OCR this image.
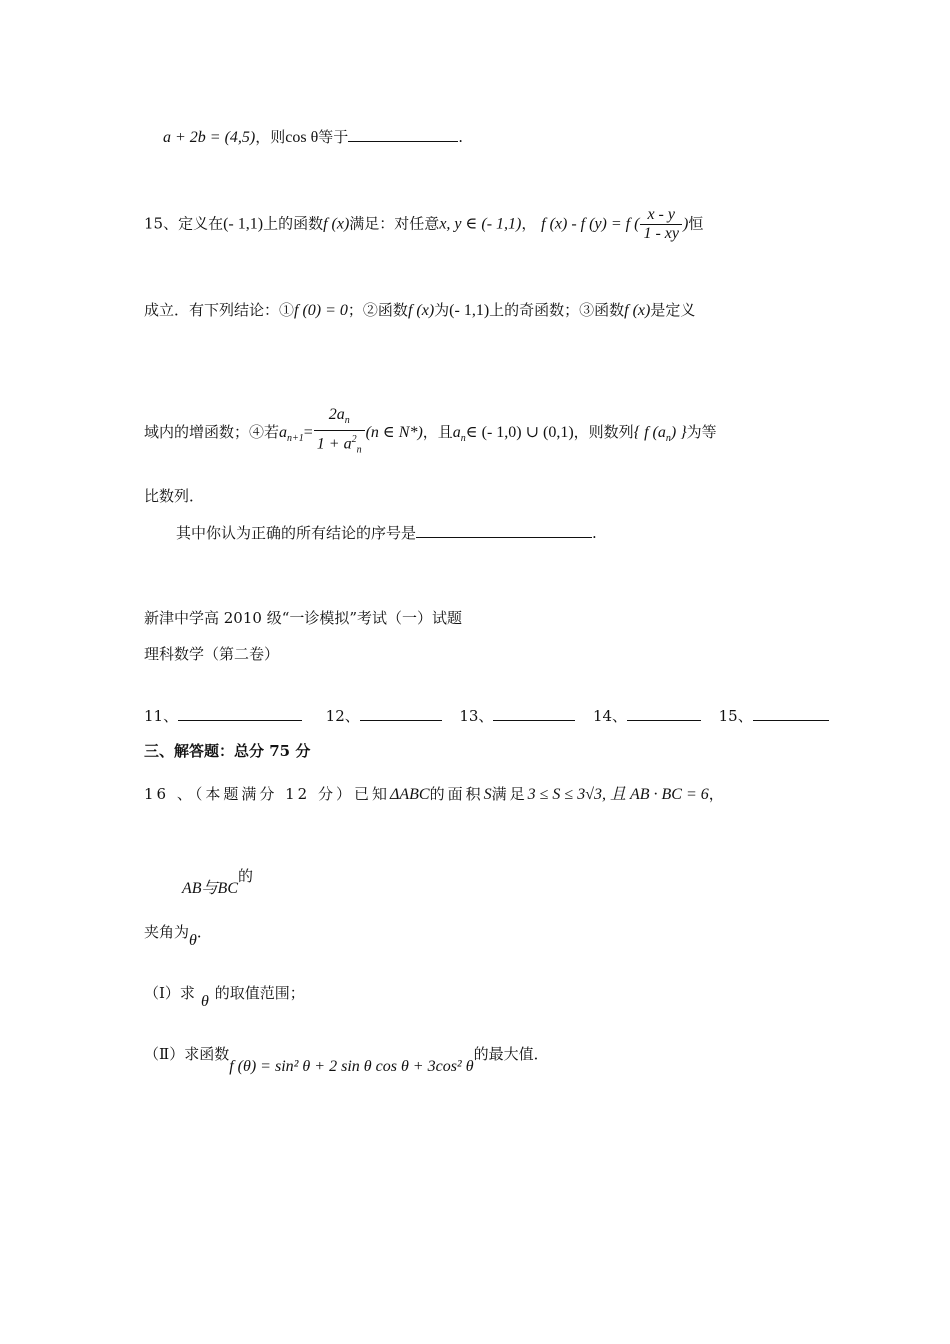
a + 2b = (4,5)，则cos θ等于	.
15、定义在(- 1,1)上的函数f (x)满足：对任意x, y ∈ (- 1,1)， f (x) - f (y) = f ( $\frac{x - y}{1 - xy}$ )恒
成立．有下列结论：①f (0) = 0；②函数f (x)为(- 1,1)上的奇函数；③函数f (x)是定义
域内的增函数；④若$a_{n+1}= \frac{2a_n}{1 + a^2_n} (n$ ∈ N*)，且$a_n\in$ (- 1,0) ∪ (0,1)，则数列{ f $(a_n)$ }为等
比数列．
其中你认为正确的所有结论的序号是	.
新津中学高 2010 级“一诊模拟”考试（一）试题
理科数学（第二卷）
11、	12、	13、	14、	15、
三、解答题：总分 75 分
16 、（本题满分 12 分）已知ΔABC的面积S满足3 ≤ S ≤ 3√3, 且 AB · BC = 6，
AB与BC的
夹角为θ．
（Ⅰ）求 θ 的取值范围；
（Ⅱ）求函数f (θ) = sin² θ + 2 sin θ cos θ + 3cos² θ的最大值．
